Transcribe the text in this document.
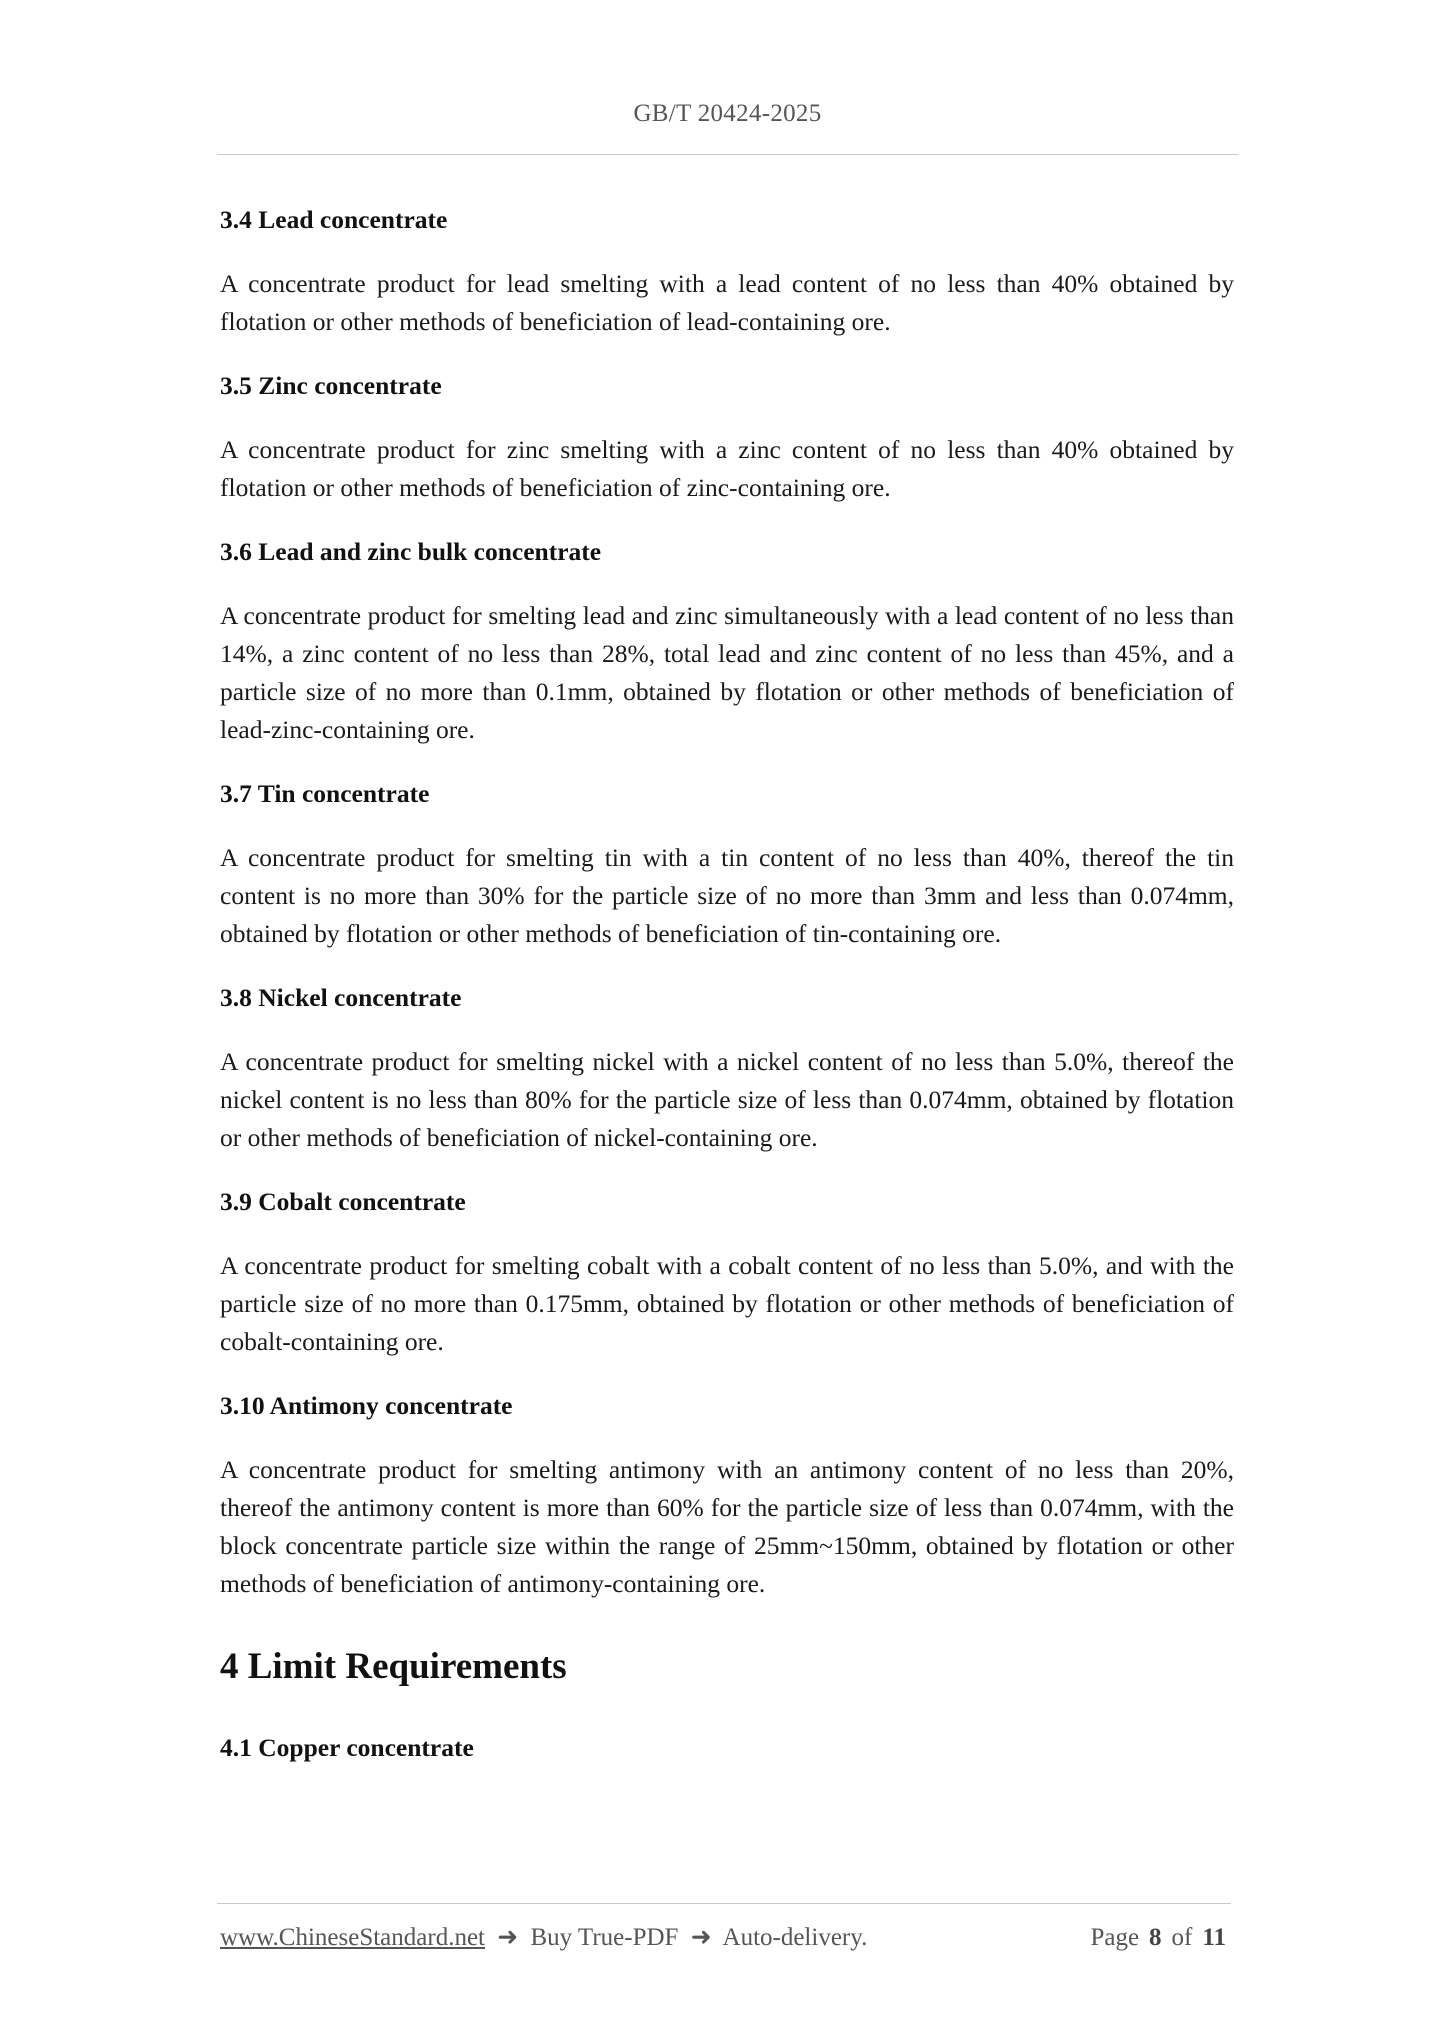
GB/T 20424-2025

3.4 Lead concentrate

A concentrate product for lead smelting with a lead content of no less than 40% obtained by flotation or other methods of beneficiation of lead-containing ore.

3.5 Zinc concentrate

A concentrate product for zinc smelting with a zinc content of no less than 40% obtained by flotation or other methods of beneficiation of zinc-containing ore.

3.6 Lead and zinc bulk concentrate

A concentrate product for smelting lead and zinc simultaneously with a lead content of no less than 14%, a zinc content of no less than 28%, total lead and zinc content of no less than 45%, and a particle size of no more than 0.1mm, obtained by flotation or other methods of beneficiation of lead-zinc-containing ore.

3.7 Tin concentrate

A concentrate product for smelting tin with a tin content of no less than 40%, thereof the tin content is no more than 30% for the particle size of no more than 3mm and less than 0.074mm, obtained by flotation or other methods of beneficiation of tin-containing ore.

3.8 Nickel concentrate

A concentrate product for smelting nickel with a nickel content of no less than 5.0%, thereof the nickel content is no less than 80% for the particle size of less than 0.074mm, obtained by flotation or other methods of beneficiation of nickel-containing ore.

3.9 Cobalt concentrate

A concentrate product for smelting cobalt with a cobalt content of no less than 5.0%, and with the particle size of no more than 0.175mm, obtained by flotation or other methods of beneficiation of cobalt-containing ore.

3.10 Antimony concentrate

A concentrate product for smelting antimony with an antimony content of no less than 20%, thereof the antimony content is more than 60% for the particle size of less than 0.074mm, with the block concentrate particle size within the range of 25mm~150mm, obtained by flotation or other methods of beneficiation of antimony-containing ore.

4 Limit Requirements

4.1 Copper concentrate

www.ChineseStandard.net ➜ Buy True-PDF ➜ Auto-delivery.	Page 8 of 11
